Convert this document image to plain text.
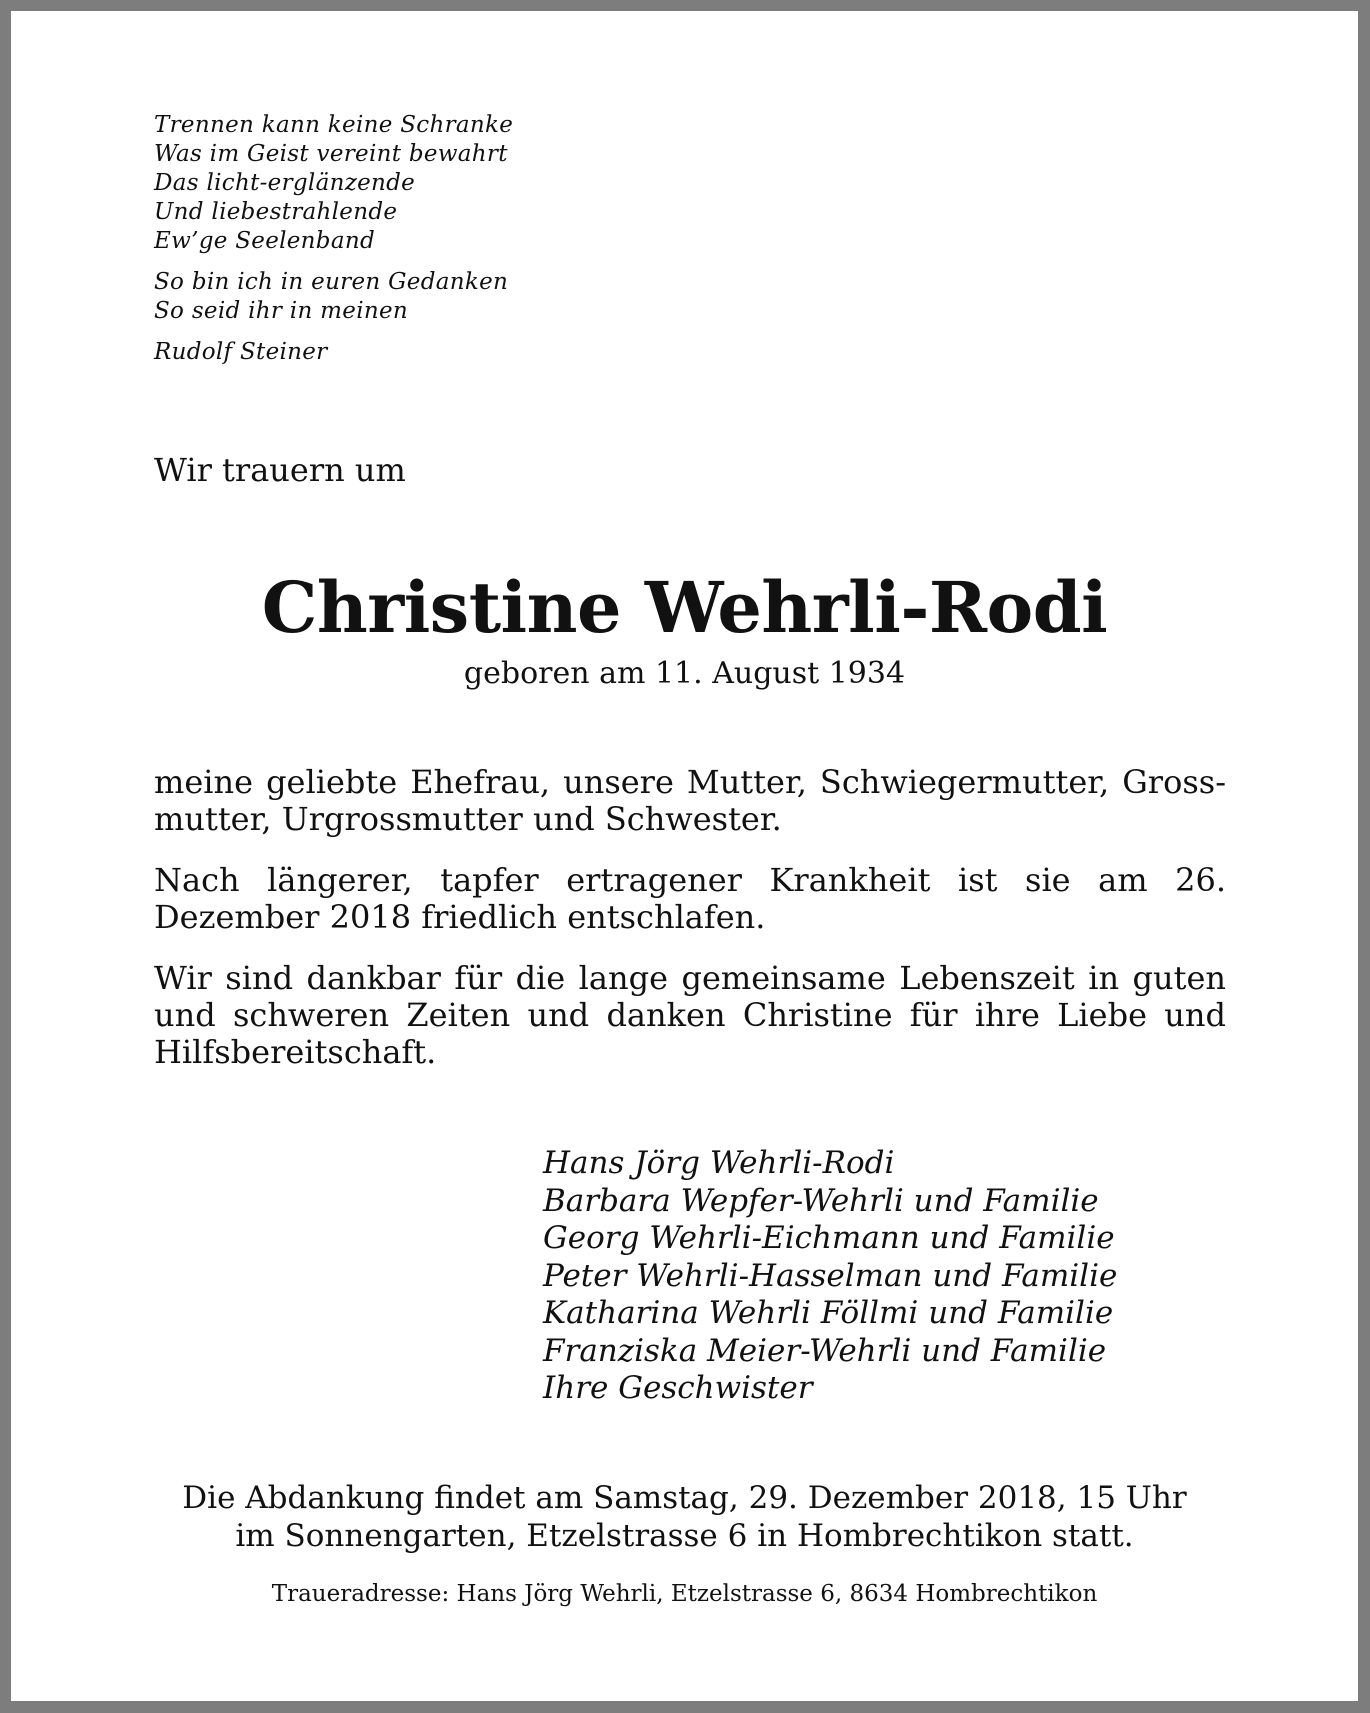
Trennen kann keine Schranke
Was im Geist vereint bewahrt
Das licht-erglänzende
Und liebestrahlende
Ew’ge Seelenband
So bin ich in euren Gedanken
So seid ihr in meinen
Rudolf Steiner
Wir trauern um
Christine Wehrli-Rodi
geboren am 11. August 1934

meine geliebte Ehefrau, unsere Mutter, Schwiegermutter, Grossmutter, Urgrossmutter und Schwester.

Nach längerer, tapfer ertragener Krankheit ist sie am 26. Dezember 2018 friedlich entschlafen.

Wir sind dankbar für die lange gemeinsame Lebenszeit in guten und schweren Zeiten und danken Christine für ihre Liebe und Hilfsbereitschaft.

Hans Jörg Wehrli-Rodi
Barbara Wepfer-Wehrli und Familie
Georg Wehrli-Eichmann und Familie
Peter Wehrli-Hasselman und Familie
Katharina Wehrli Föllmi und Familie
Franziska Meier-Wehrli und Familie
Ihre Geschwister
Die Abdankung findet am Samstag, 29. Dezember 2018, 15 Uhr
im Sonnengarten, Etzelstrasse 6 in Hombrechtikon statt.
Traueradresse: Hans Jörg Wehrli, Etzelstrasse 6, 8634 Hombrechtikon
